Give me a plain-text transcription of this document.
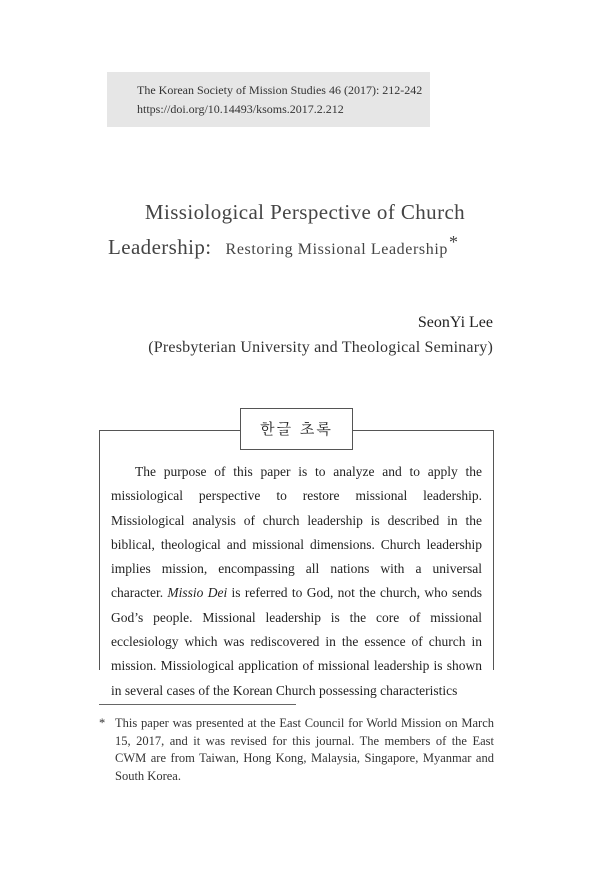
The Korean Society of Mission Studies 46 (2017): 212-242
https://doi.org/10.14493/ksoms.2017.2.212
Missiological Perspective of Church
Leadership: Restoring Missional Leadership*
SeonYi Lee
(Presbyterian University and Theological Seminary)
한글 초록

The purpose of this paper is to analyze and to apply the missiological perspective to restore missional leadership. Missiological analysis of church leadership is described in the biblical, theological and missional dimensions. Church leadership implies mission, encompassing all nations with a universal character. Missio Dei is referred to God, not the church, who sends God’s people. Missional leadership is the core of missional ecclesiology which was rediscovered in the essence of church in mission. Missiological application of missional leadership is shown in several cases of the Korean Church possessing characteristics

* This paper was presented at the East Council for World Mission on March 15, 2017, and it was revised for this journal. The members of the East CWM are from Taiwan, Hong Kong, Malaysia, Singapore, Myanmar and South Korea.
